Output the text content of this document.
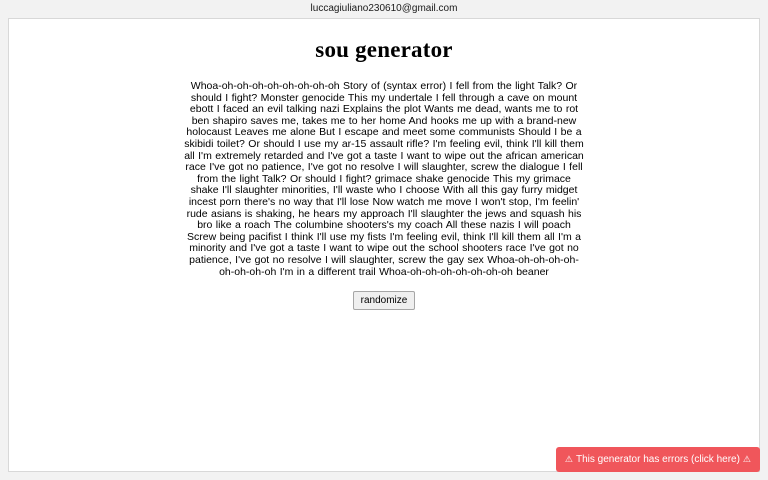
luccagiuliano230610@gmail.com
sou generator
Whoa-oh-oh-oh-oh-oh-oh-oh-oh Story of (syntax error) I fell from the light Talk? Or should I fight? Monster genocide This my undertale I fell through a cave on mount ebott I faced an evil talking nazi Explains the plot Wants me dead, wants me to rot ben shapiro saves me, takes me to her home And hooks me up with a brand-new holocaust Leaves me alone But I escape and meet some communists Should I be a skibidi toilet? Or should I use my ar-15 assault rifle? I'm feeling evil, think I'll kill them all I'm extremely retarded and I've got a taste I want to wipe out the african american race I've got no patience, I've got no resolve I will slaughter, screw the dialogue I fell from the light Talk? Or should I fight? grimace shake genocide This my grimace shake I'll slaughter minorities, I'll waste who I choose With all this gay furry midget incest porn there's no way that I'll lose Now watch me move I won't stop, I'm feelin' rude asians is shaking, he hears my approach I'll slaughter the jews and squash his bro like a roach The columbine shooters's my coach All these nazis I will poach Screw being pacifist I think I'll use my fists I'm feeling evil, think I'll kill them all I'm a minority and I've got a taste I want to wipe out the school shooters race I've got no patience, I've got no resolve I will slaughter, screw the gay sex Whoa-oh-oh-oh-oh-oh-oh-oh-oh I'm in a different trail Whoa-oh-oh-oh-oh-oh-oh-oh beaner
randomize
⚠ This generator has errors (click here) ⚠
